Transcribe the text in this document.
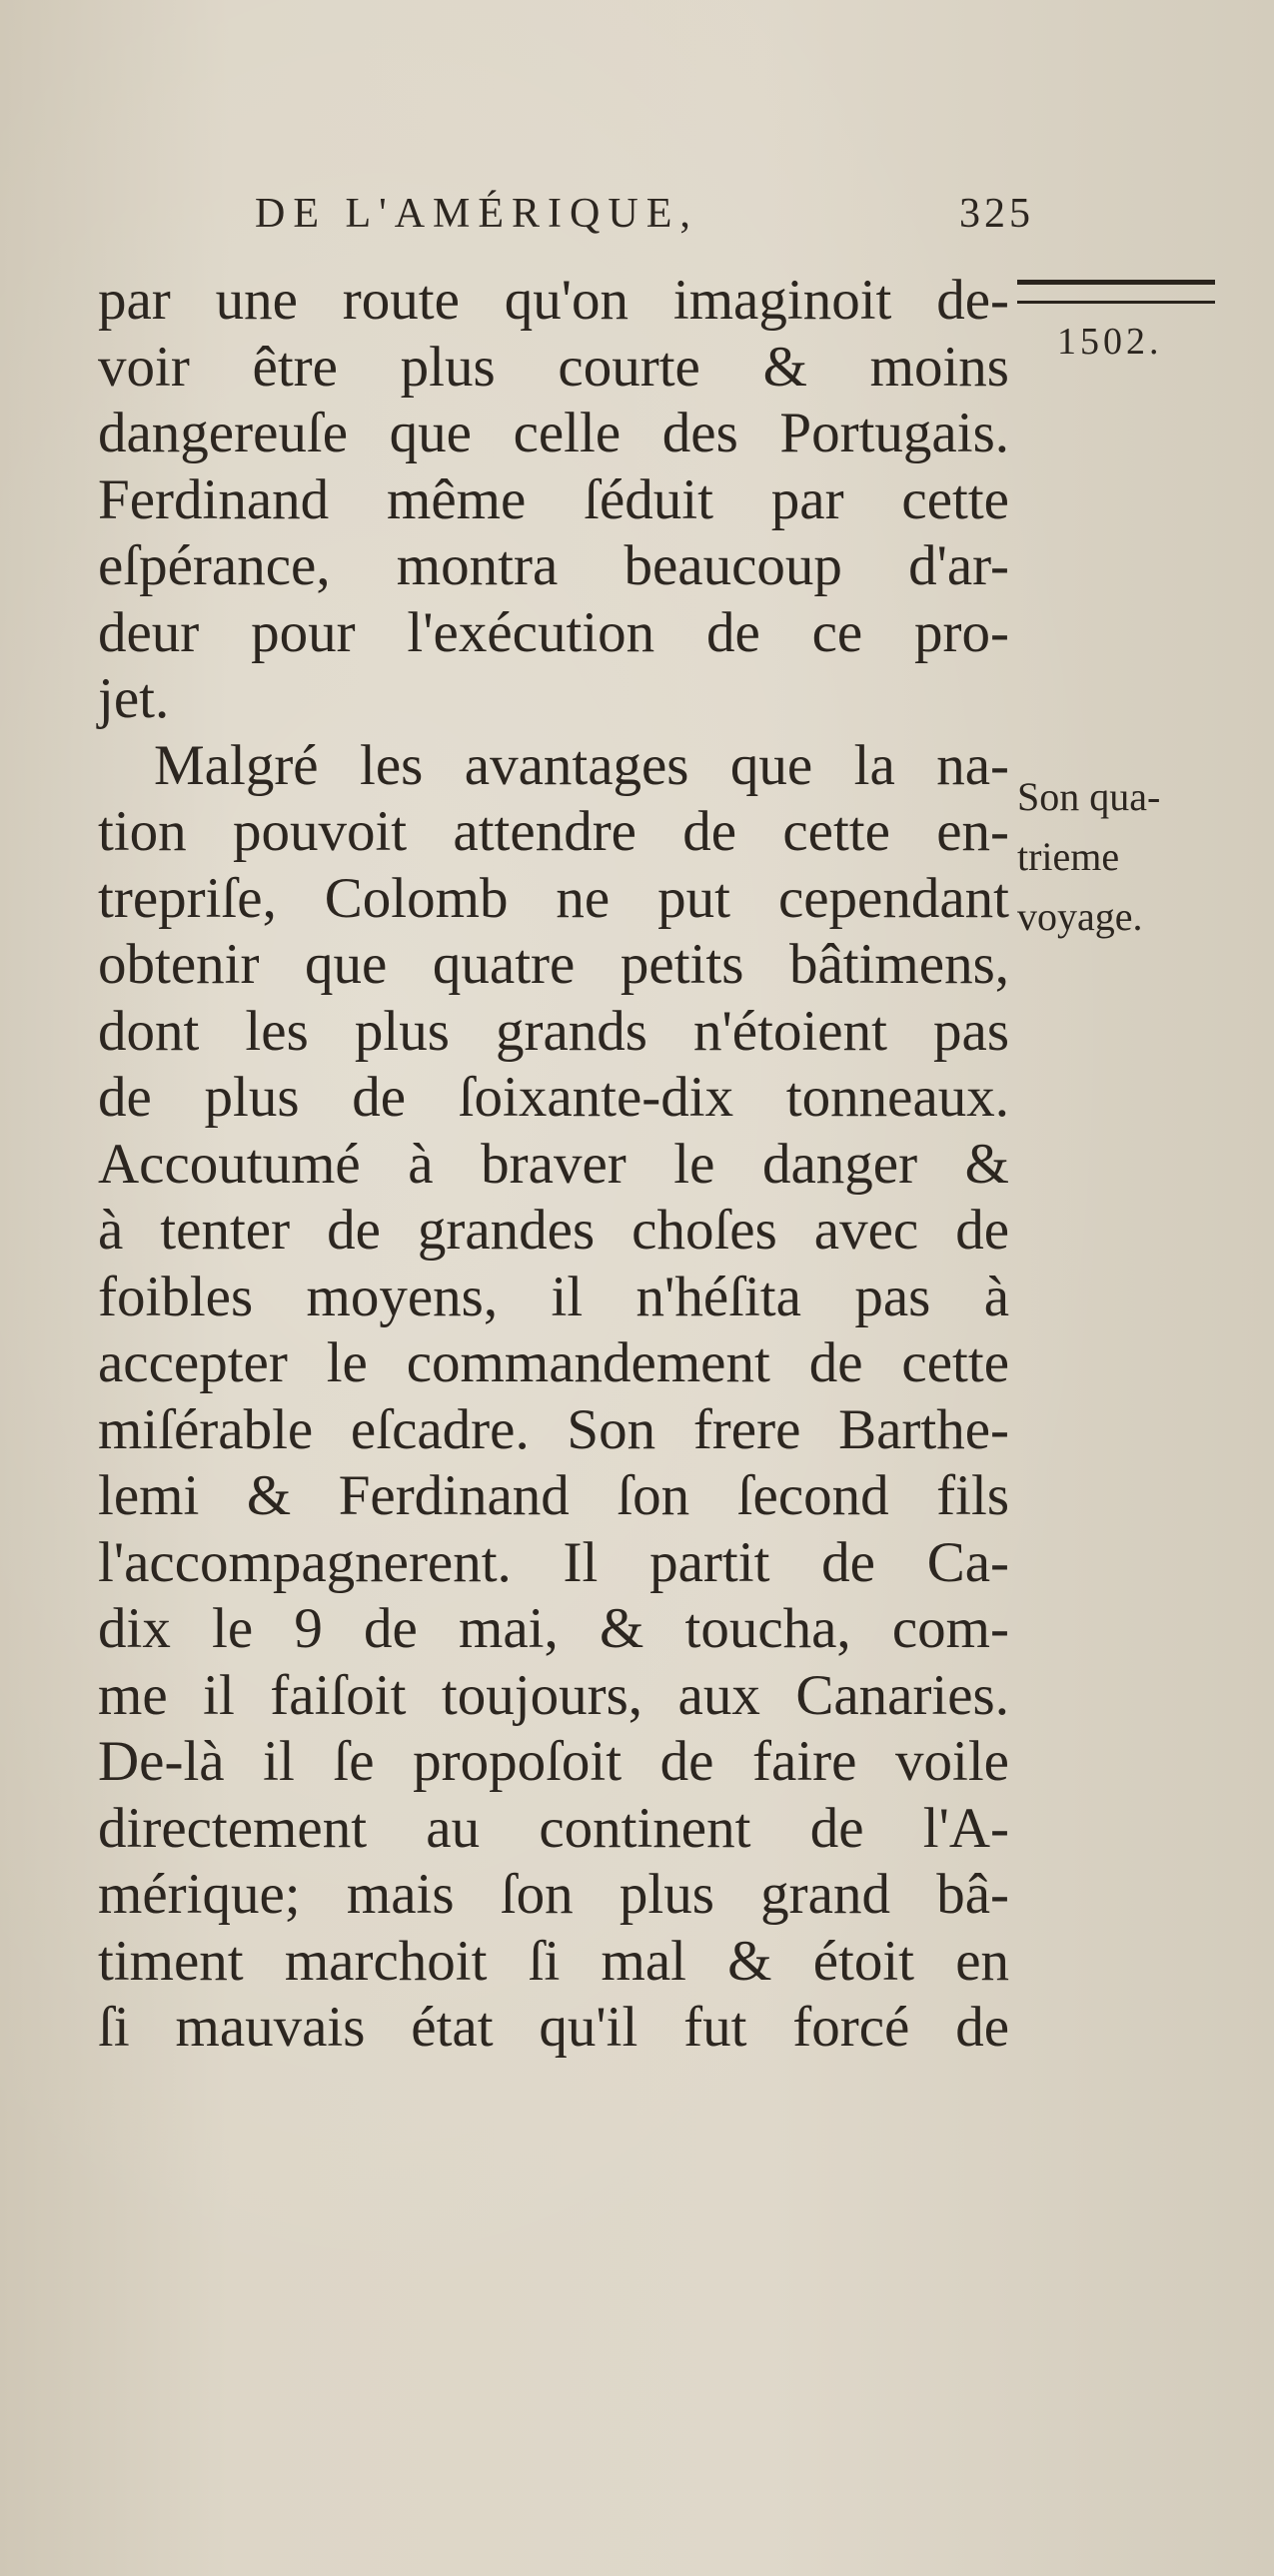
DE L'AMÉRIQUE,	325
1502.
Son qua-
trieme
voyage.
par une route qu'on imaginoit de-
voir être plus courte & moins
dangereuſe que celle des Portugais.
Ferdinand même ſéduit par cette
eſpérance, montra beaucoup d'ar-
deur pour l'exécution de ce pro-
jet.
Malgré les avantages que la na-
tion pouvoit attendre de cette en-
trepriſe, Colomb ne put cependant
obtenir que quatre petits bâtimens,
dont les plus grands n'étoient pas
de plus de ſoixante-dix tonneaux.
Accoutumé à braver le danger &
à tenter de grandes choſes avec de
foibles moyens, il n'héſita pas à
accepter le commandement de cette
miſérable eſcadre. Son frere Barthe-
lemi & Ferdinand ſon ſecond fils
l'accompagnerent. Il partit de Ca-
dix le 9 de mai, & toucha, com-
me il faiſoit toujours, aux Canaries.
De-là il ſe propoſoit de faire voile
directement au continent de l'A-
mérique; mais ſon plus grand bâ-
timent marchoit ſi mal & étoit en
ſi mauvais état qu'il fut forcé de
